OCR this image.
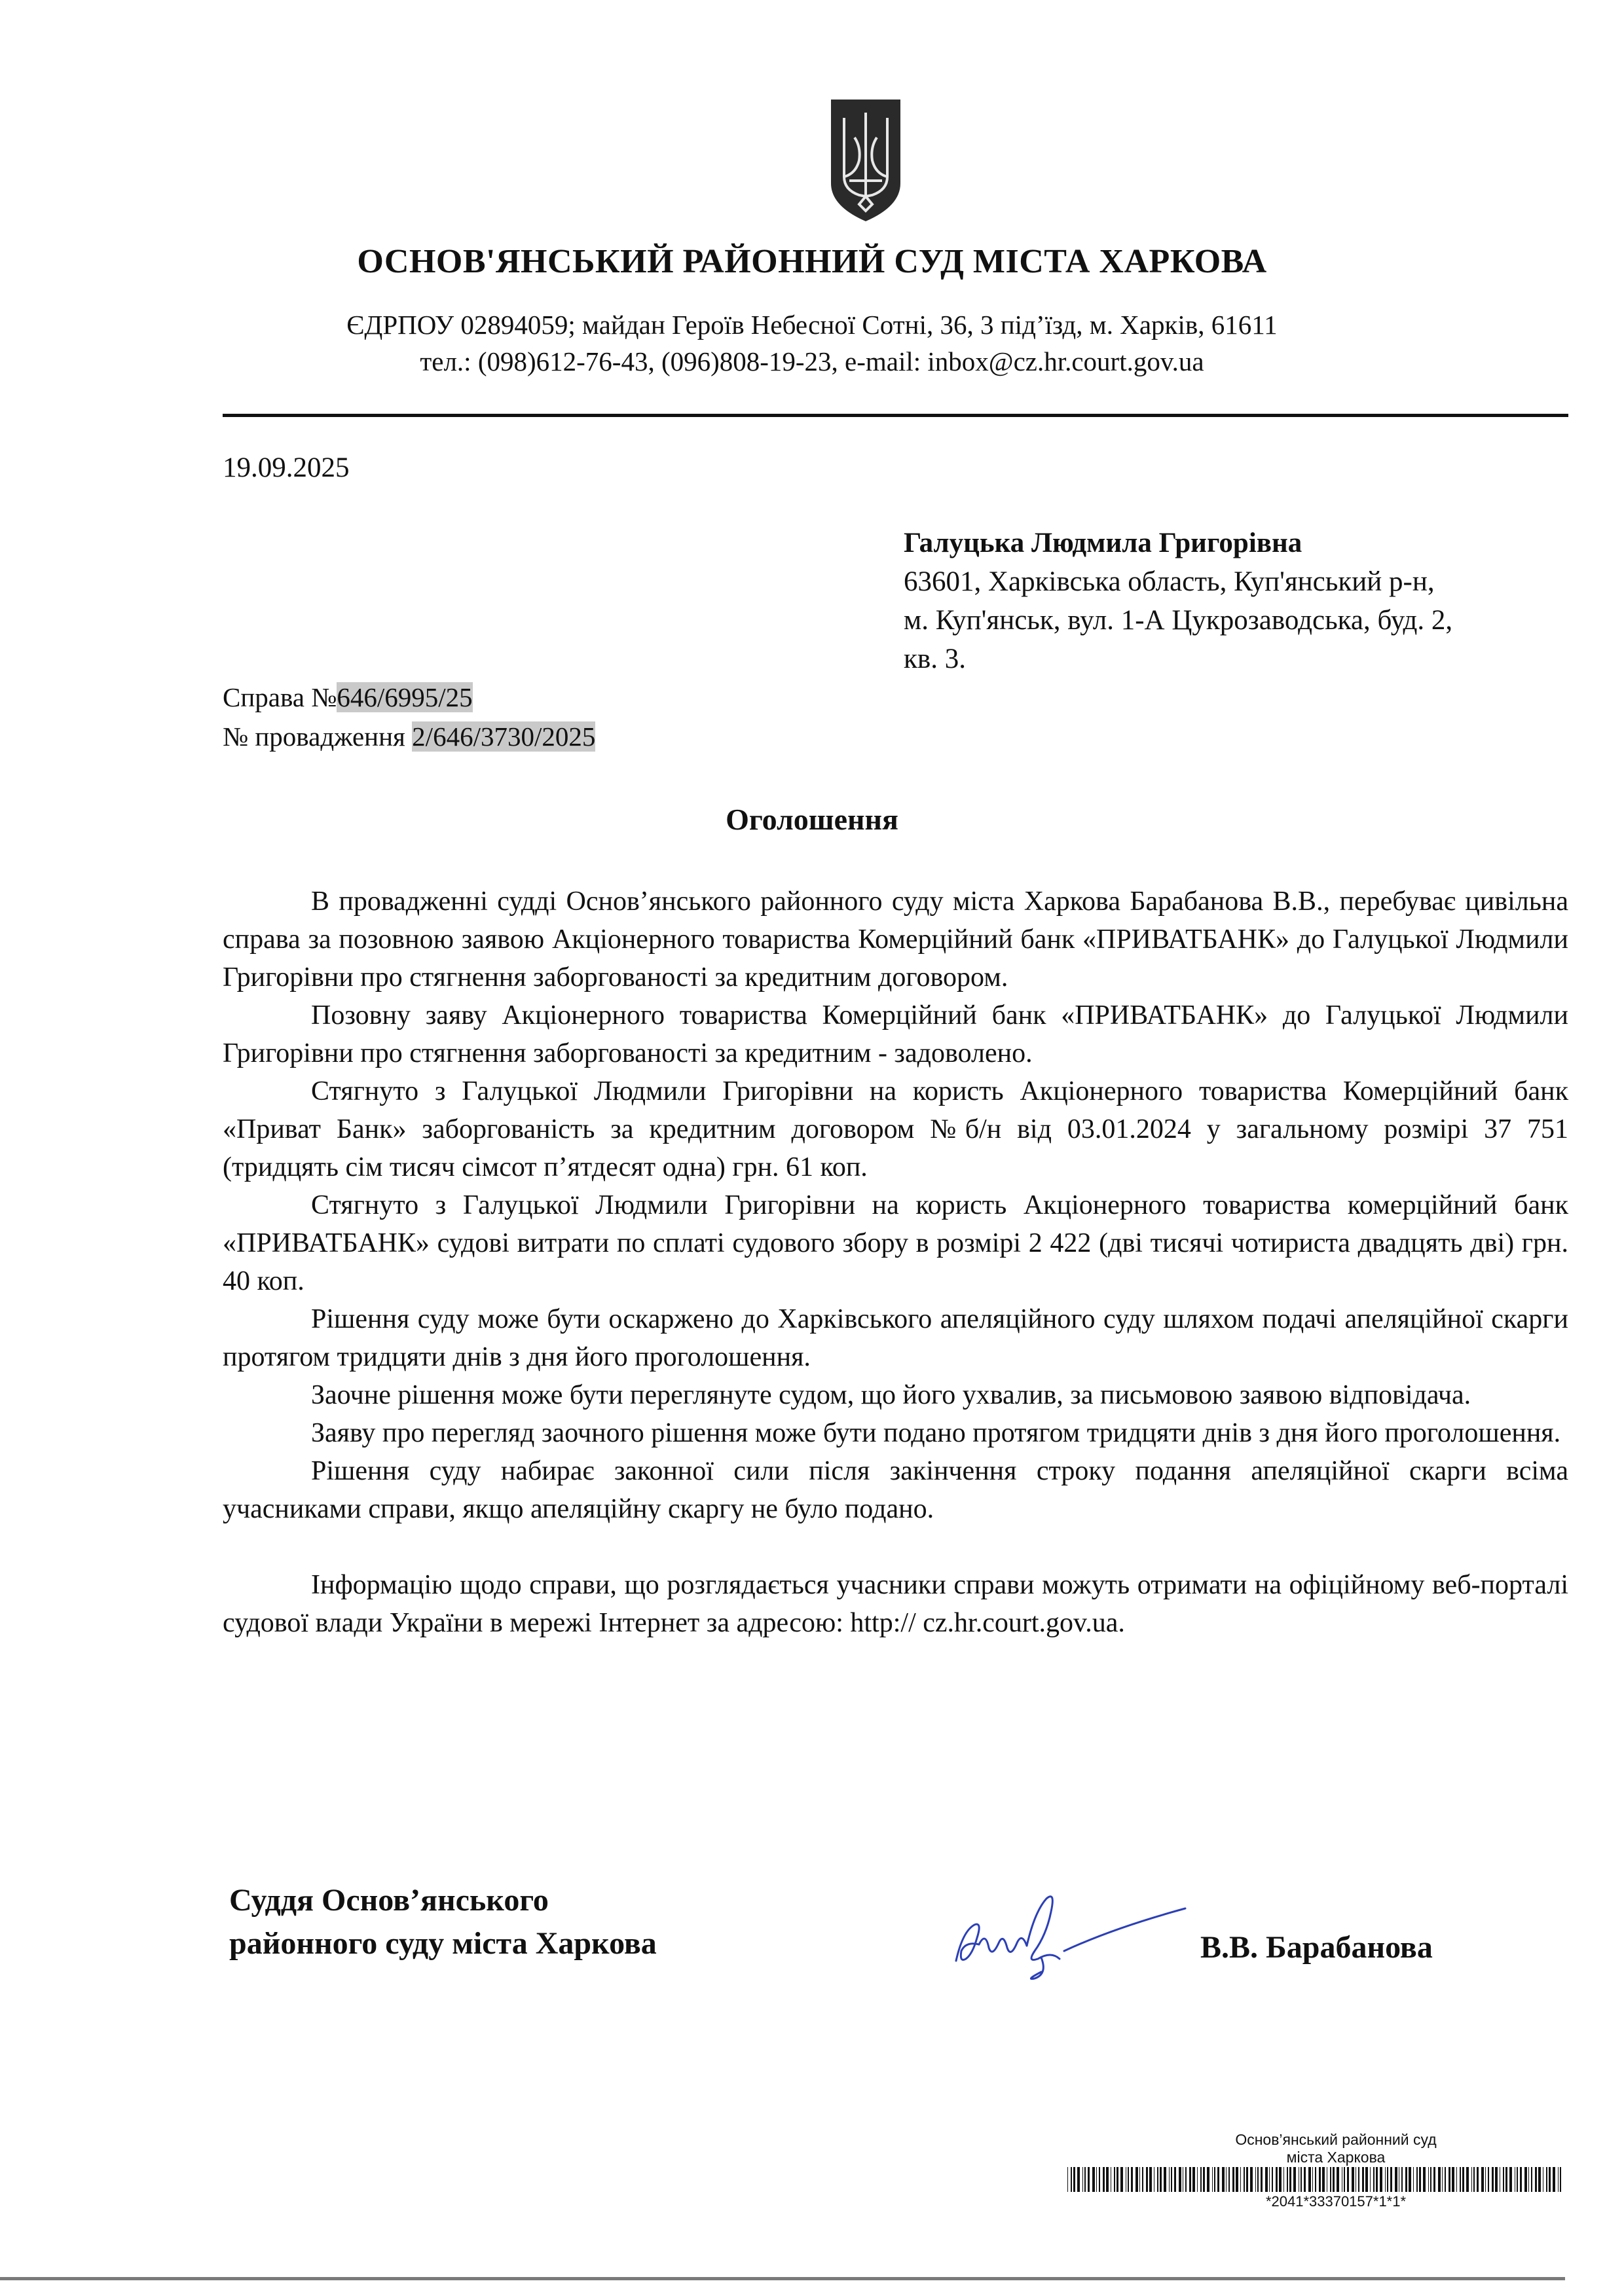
ОСНОВ'ЯНСЬКИЙ РАЙОННИЙ СУД МІСТА ХАРКОВА
ЄДРПОУ 02894059; майдан Героїв Небесної Сотні, 36, 3 під’їзд, м. Харків, 61611
тел.: (098)612-76-43, (096)808-19-23, e-mail: inbox@cz.hr.court.gov.ua
19.09.2025
Галуцька Людмила Григорівна
63601, Харківська область, Куп'янський р-н,
м. Куп'янськ, вул. 1-А Цукрозаводська, буд. 2,
кв. 3.
Справа №646/6995/25
№ провадження 2/646/3730/2025
Оголошення

В провадженні судді Основ’янського районного суду міста Харкова Барабанова В.В., перебуває цивільна справа за позовною заявою Акціонерного товариства Комерційний банк «ПРИВАТБАНК» до Галуцької Людмили Григорівни про стягнення заборгованості за кредитним договором.

Позовну заяву Акціонерного товариства Комерційний банк «ПРИВАТБАНК» до Галуцької Людмили Григорівни про стягнення заборгованості за кредитним - задоволено.

Стягнуто з Галуцької Людмили Григорівни на користь Акціонерного товариства Комерційний банк «Приват Банк» заборгованість за кредитним договором №б/н від 03.01.2024 у загальному розмірі 37 751 (тридцять сім тисяч сімсот п’ятдесят одна) грн. 61 коп.

Стягнуто з Галуцької Людмили Григорівни на користь Акціонерного товариства комерційний банк «ПРИВАТБАНК» судові витрати по сплаті судового збору в розмірі 2 422 (дві тисячі чотириста двадцять дві) грн. 40 коп.

Рішення суду може бути оскаржено до Харківського апеляційного суду шляхом подачі апеляційної скарги протягом тридцяти днів з дня його проголошення.

Заочне рішення може бути переглянуте судом, що його ухвалив, за письмовою заявою відповідача.

Заяву про перегляд заочного рішення може бути подано протягом тридцяти днів з дня його проголошення.

Рішення суду набирає законної сили після закінчення строку подання апеляційної скарги всіма учасниками справи, якщо апеляційну скаргу не було подано.

Інформацію щодо справи, що розглядається учасники справи можуть отримати на офіційному веб-порталі судової влади України в мережі Інтернет за адресою: http:// cz.hr.court.gov.ua.

Суддя Основ’янського
районного суду міста Харкова	В.В. Барабанова
Основ’янський районний суд
міста Харкова
*2041*33370157*1*1*
